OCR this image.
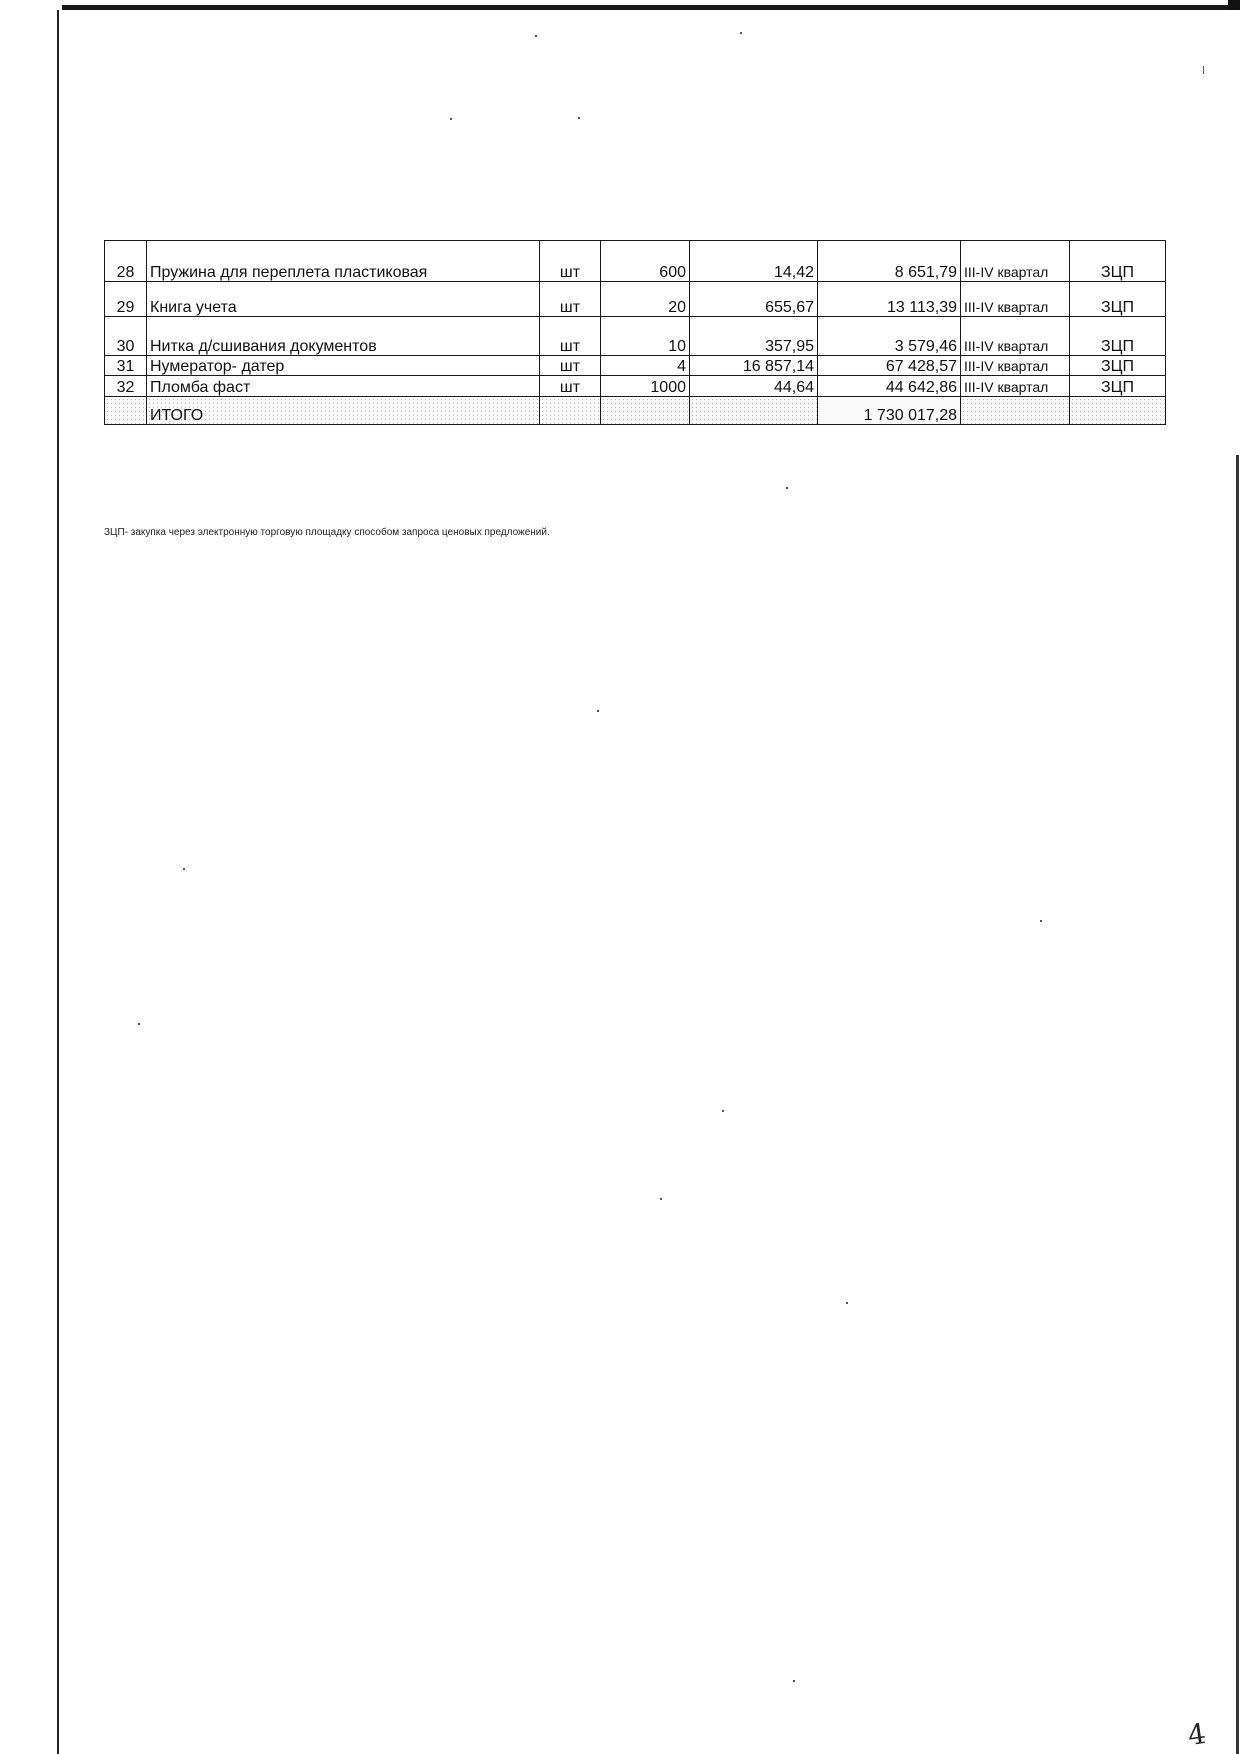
28	Пружина для переплета пластиковая	шт	600	14,42	8 651,79	III-IV квартал	ЗЦП
29	Книга учета	шт	20	655,67	13 113,39	III-IV квартал	ЗЦП
30	Нитка д/сшивания документов	шт	10	357,95	3 579,46	III-IV квартал	ЗЦП
31	Нумератор- датер	шт	4	16 857,14	67 428,57	III-IV квартал	ЗЦП
32	Пломба фаст	шт	1000	44,64	44 642,86	III-IV квартал	ЗЦП
	ИТОГО				1 730 017,28		
ЗЦП- закупка через электронную торговую площадку способом запроса ценовых предложений.
4
